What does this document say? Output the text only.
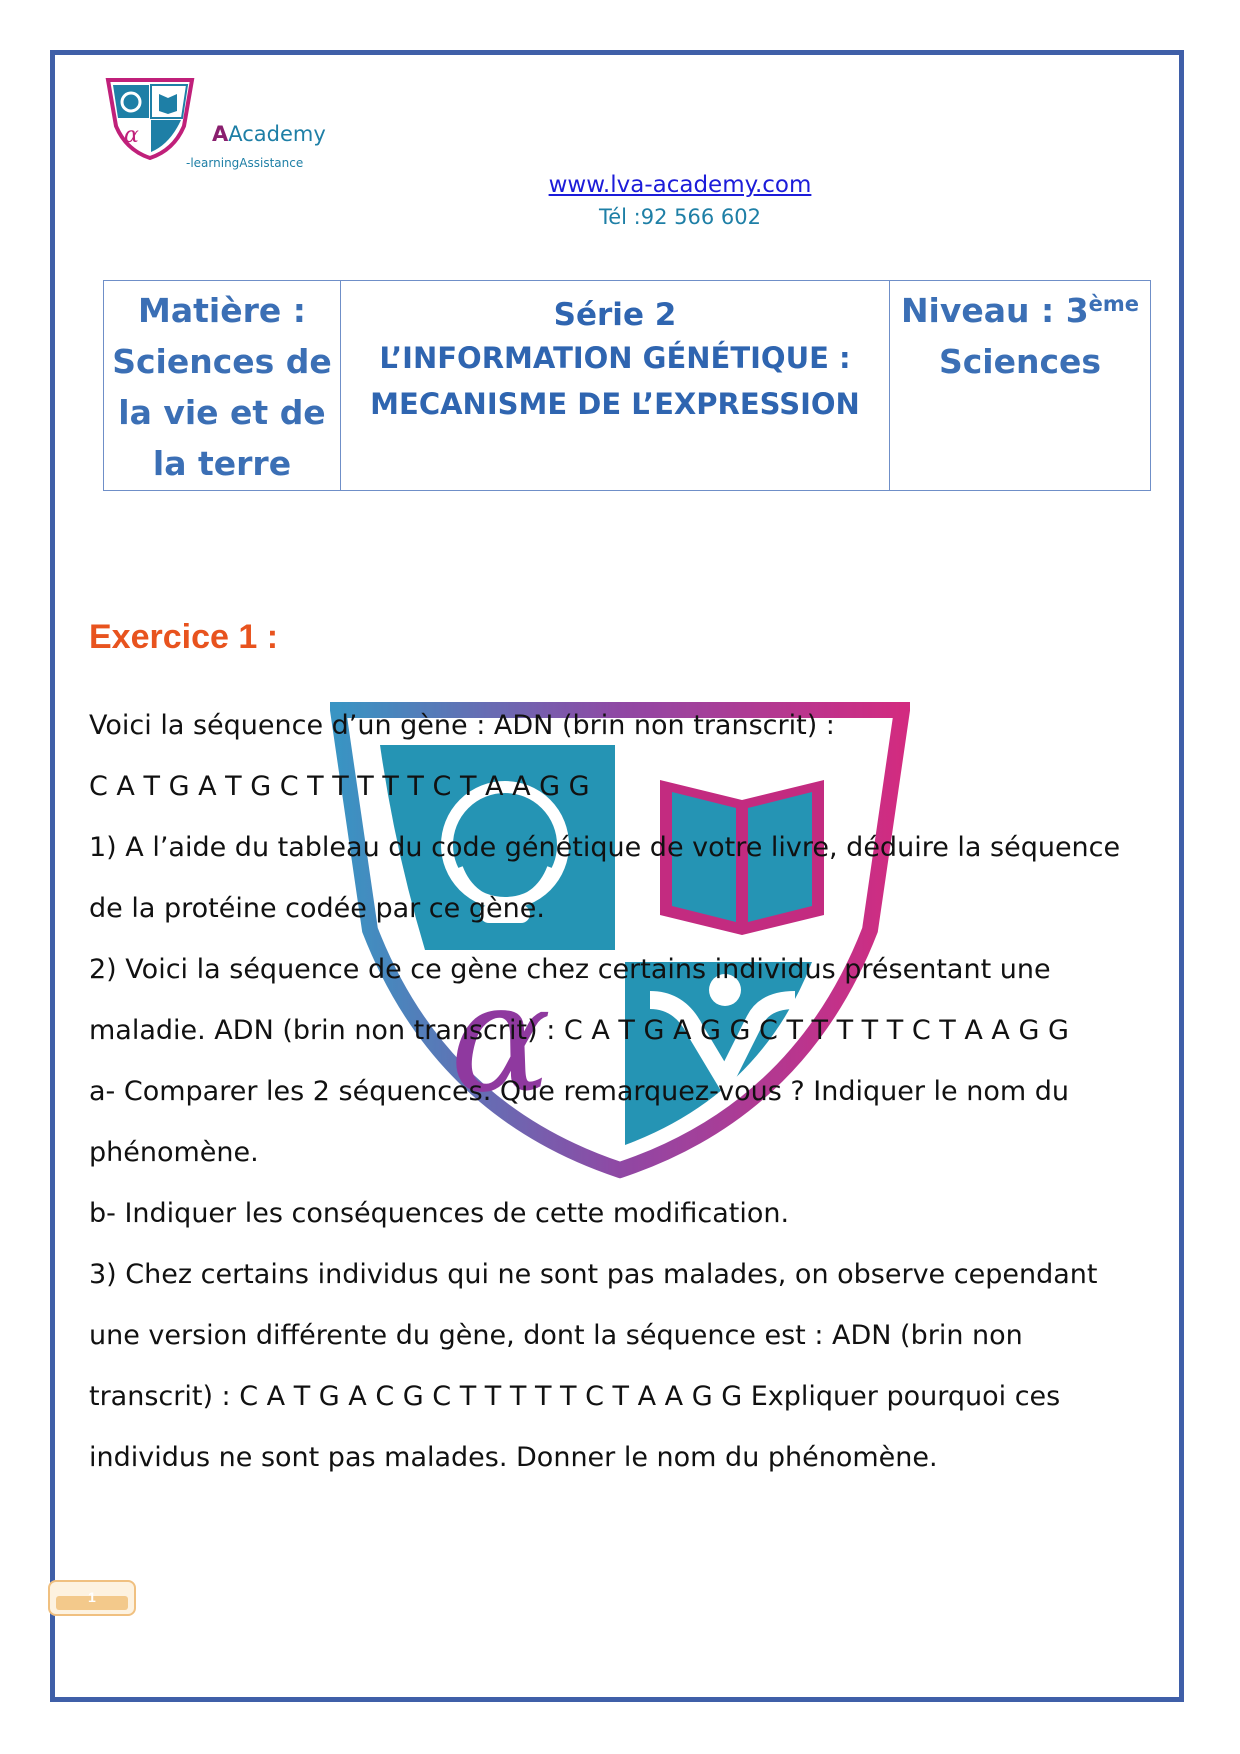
α	AAcademy
-learningAssistance
www.lva-academy.com
Tél :92 566 602
Matière :
Sciences de
la vie et de
la terre

Série 2
L’INFORMATION GÉNÉTIQUE :
MECANISME DE L’EXPRESSION

Niveau : 3ème
Sciences
α
Exercice 1 :

Voici la séquence d’un gène : ADN (brin non transcrit) :

C A T G A T G C T T T T T C T A A G G

1) A l’aide du tableau du code génétique de votre livre, déduire la séquence

de la protéine codée par ce gène.

2) Voici la séquence de ce gène chez certains individus présentant une

maladie. ADN (brin non transcrit) : C A T G A G G C T T T T T C T A A G G

a- Comparer les 2 séquences. Que remarquez-vous ? Indiquer le nom du

phénomène.

b- Indiquer les conséquences de cette modification.

3) Chez certains individus qui ne sont pas malades, on observe cependant

une version différente du gène, dont la séquence est : ADN (brin non

transcrit) : C A T G A C G C T T T T T C T A A G G Expliquer pourquoi ces

individus ne sont pas malades. Donner le nom du phénomène.

1
